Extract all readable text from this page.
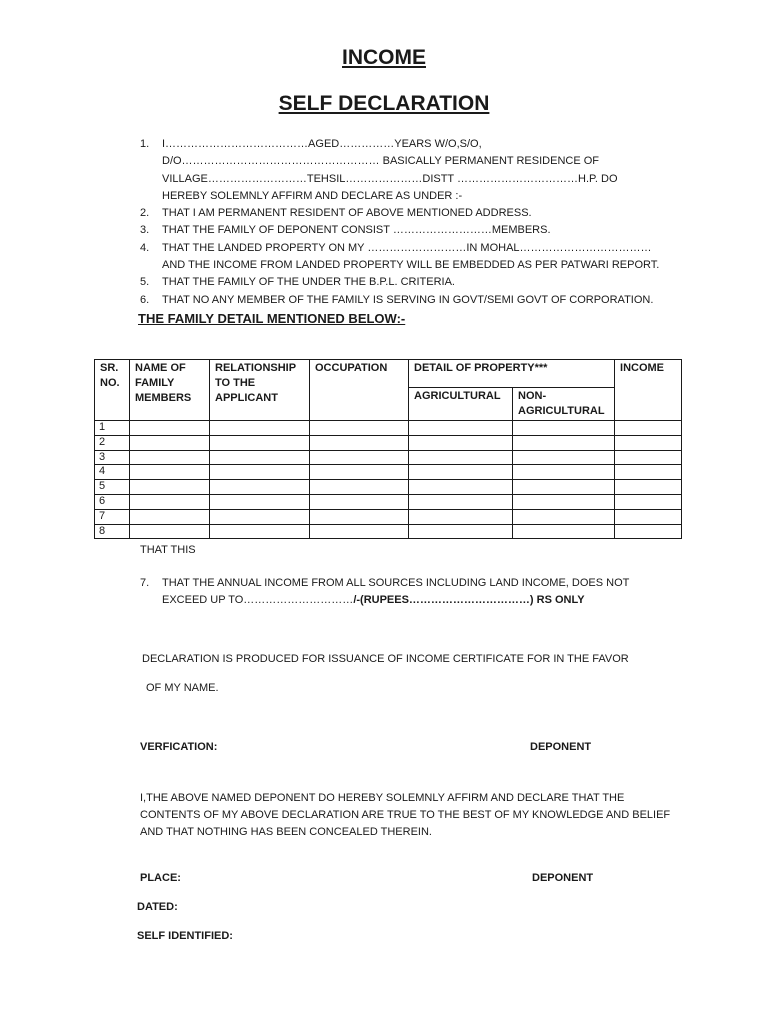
INCOME
SELF DECLARATION
1.	I…………………………………AGED……………YEARS W/O,S/O, D/O……………………………………………… BASICALLY PERMANENT RESIDENCE OF VILLAGE………………………TEHSIL…………………DISTT ……………………………H.P. DO HEREBY SOLEMNLY AFFIRM AND DECLARE AS UNDER :-
2.	THAT I AM PERMANENT RESIDENT OF ABOVE MENTIONED ADDRESS.
3.	THAT THE FAMILY OF DEPONENT CONSIST ………………………MEMBERS.
4.	THAT THE LANDED PROPERTY ON MY ………………………IN MOHAL………………………………AND THE INCOME FROM LANDED PROPERTY WILL BE EMBEDDED AS PER PATWARI REPORT.
5.	THAT THE FAMILY OF THE UNDER THE B.P.L. CRITERIA.
6.	THAT NO ANY MEMBER OF THE FAMILY IS SERVING IN GOVT/SEMI GOVT OF CORPORATION.
THE FAMILY DETAIL MENTIONED BELOW:-
SR. NO.	NAME OF FAMILY MEMBERS	RELATIONSHIP TO THE APPLICANT	OCCUPATION	DETAIL OF PROPERTY***		INCOME
				AGRICULTURAL	NON-AGRICULTURAL	
1						
2						
3						
4						
5						
6						
7						
8						
THAT THIS
7.	THAT THE ANNUAL INCOME FROM ALL SOURCES INCLUDING LAND INCOME, DOES NOT EXCEED UP TO…………………………/-(RUPEES……………………………) RS ONLY
DECLARATION IS PRODUCED FOR ISSUANCE OF INCOME CERTIFICATE FOR IN THE FAVOR
OF MY NAME.
VERFICATION:	DEPONENT

I,THE ABOVE NAMED DEPONENT DO HEREBY SOLEMNLY AFFIRM AND DECLARE THAT THE CONTENTS OF MY ABOVE DECLARATION ARE TRUE TO THE BEST OF MY KNOWLEDGE AND BELIEF AND THAT NOTHING HAS BEEN CONCEALED THEREIN.

PLACE:	DEPONENT
DATED:
SELF IDENTIFIED:
